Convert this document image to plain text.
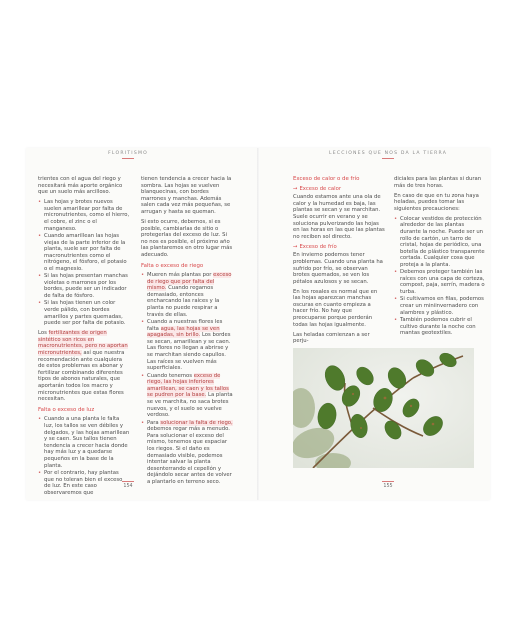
FLORITISMO	LECCIONES QUE NOS DA LA TIERRA

trientes con el agua del riego y necesitará más aporte orgánico que un suelo más arcilloso.

• Las hojas y brotes nuevos suelen amarillear por falta de micronutrientes, como el hierro, el cobre, el zinc o el manganeso.
• Cuando amarillean las hojas viejas de la parte inferior de la planta, suele ser por falta de macronutrientes como el nitrógeno, el fósforo, el potasio o el magnesio.
• Si las hojas presentan manchas violetas o marrones por los bordes, puede ser un indicador de falta de fósforo.
• Si las hojas tienen un color verde pálido, con bordes amarillos y partes quemadas, puede ser por falta de potasio.

Los fertilizantes de origen sintético son ricos en macronutrientes, pero no aportan micronutrientes, así que nuestra recomendación ante cualquiera de estos problemas es abonar y fertilizar combinando diferentes tipos de abonos naturales, que aportarán todos los macro y micronutrientes que estas flores necesitan.

Falta o exceso de luz
• Cuando a una planta le falta luz, los tallos se ven débiles y delgados, y las hojas amarillean y se caen. Sus tallos tienen tendencia a crecer hacia donde hay más luz y a quedarse pequeños en la base de la planta.
• Por el contrario, hay plantas que no toleran bien el exceso de luz. En este caso observaremos que

tienen tendencia a crecer hacia la sombra. Las hojas se vuelven blanquecinas, con bordes marrones y manchas. Además salen cada vez más pequeñas, se arrugan y hasta se queman.

Si esto ocurre, debemos, si es posible, cambiarlas de sitio o protegerlas del exceso de luz. Si no nos es posible, el próximo año las plantaremos en otro lugar más adecuado.

Falta o exceso de riego
• Mueren más plantas por exceso de riego que por falta del mismo. Cuando regamos demasiado, entonces encharcando las raíces y la planta no puede respirar a través de ellas.
• Cuando a nuestras flores les falta agua, las hojas se ven apagadas, sin brillo. Los bordes se secan, amarillean y se caen. Las flores no llegan a abrirse y se marchitan siendo capullos. Las raíces se vuelven más superficiales.
• Cuando tenemos exceso de riego, las hojas inferiores amarillean, se caen y los tallos se pudren por la base. La planta se ve marchita, no saca brotes nuevos, y el suelo se vuelve verdoso.
• Para solucionar la falta de riego, debemos regar más a menudo. Para solucionar el exceso del mismo, tenemos que espaciar los riegos. Si el daño es demasiado visible, podemos intentar salvar la planta desenterrando el cepellón y dejándolo secar antes de volver a plantarlo en terreno seco.
154
Exceso de calor o de frío
→ Exceso de calor

Cuando estamos ante una ola de calor y la humedad es baja, las plantas se secan y se marchitan. Suele ocurrir en verano y se soluciona pulverizando las hojas en las horas en las que las plantas no reciben sol directo.

→ Exceso de frío

En invierno podemos tener problemas. Cuando una planta ha sufrido por frío, se observan brotes quemados, se ven los pétalos azulosos y se secan.

En los rosales es normal que en las hojas aparezcan manchas oscuras en cuanto empieza a hacer frío. No hay que preocuparse porque perderán todas las hojas igualmente.

Las heladas comienzan a ser perju-

diciales para las plantas si duran más de tres horas.

En caso de que en tu zona haya heladas, puedes tomar las siguientes precauciones:

• Colocar vestidos de protección alrededor de las plantas durante la noche. Puede ser un rollo de cartón, un tarro de cristal, hojas de periódico, una botella de plástico transparente cortada. Cualquier cosa que proteja a la planta.
• Debemos proteger también las raíces con una capa de corteza, compost, paja, serrín, madera o turba.
• Si cultivamos en filas, podemos crear un miniinvernadero con alambres y plástico.
• También podemos cubrir el cultivo durante la noche con mantas geotextiles.
155
